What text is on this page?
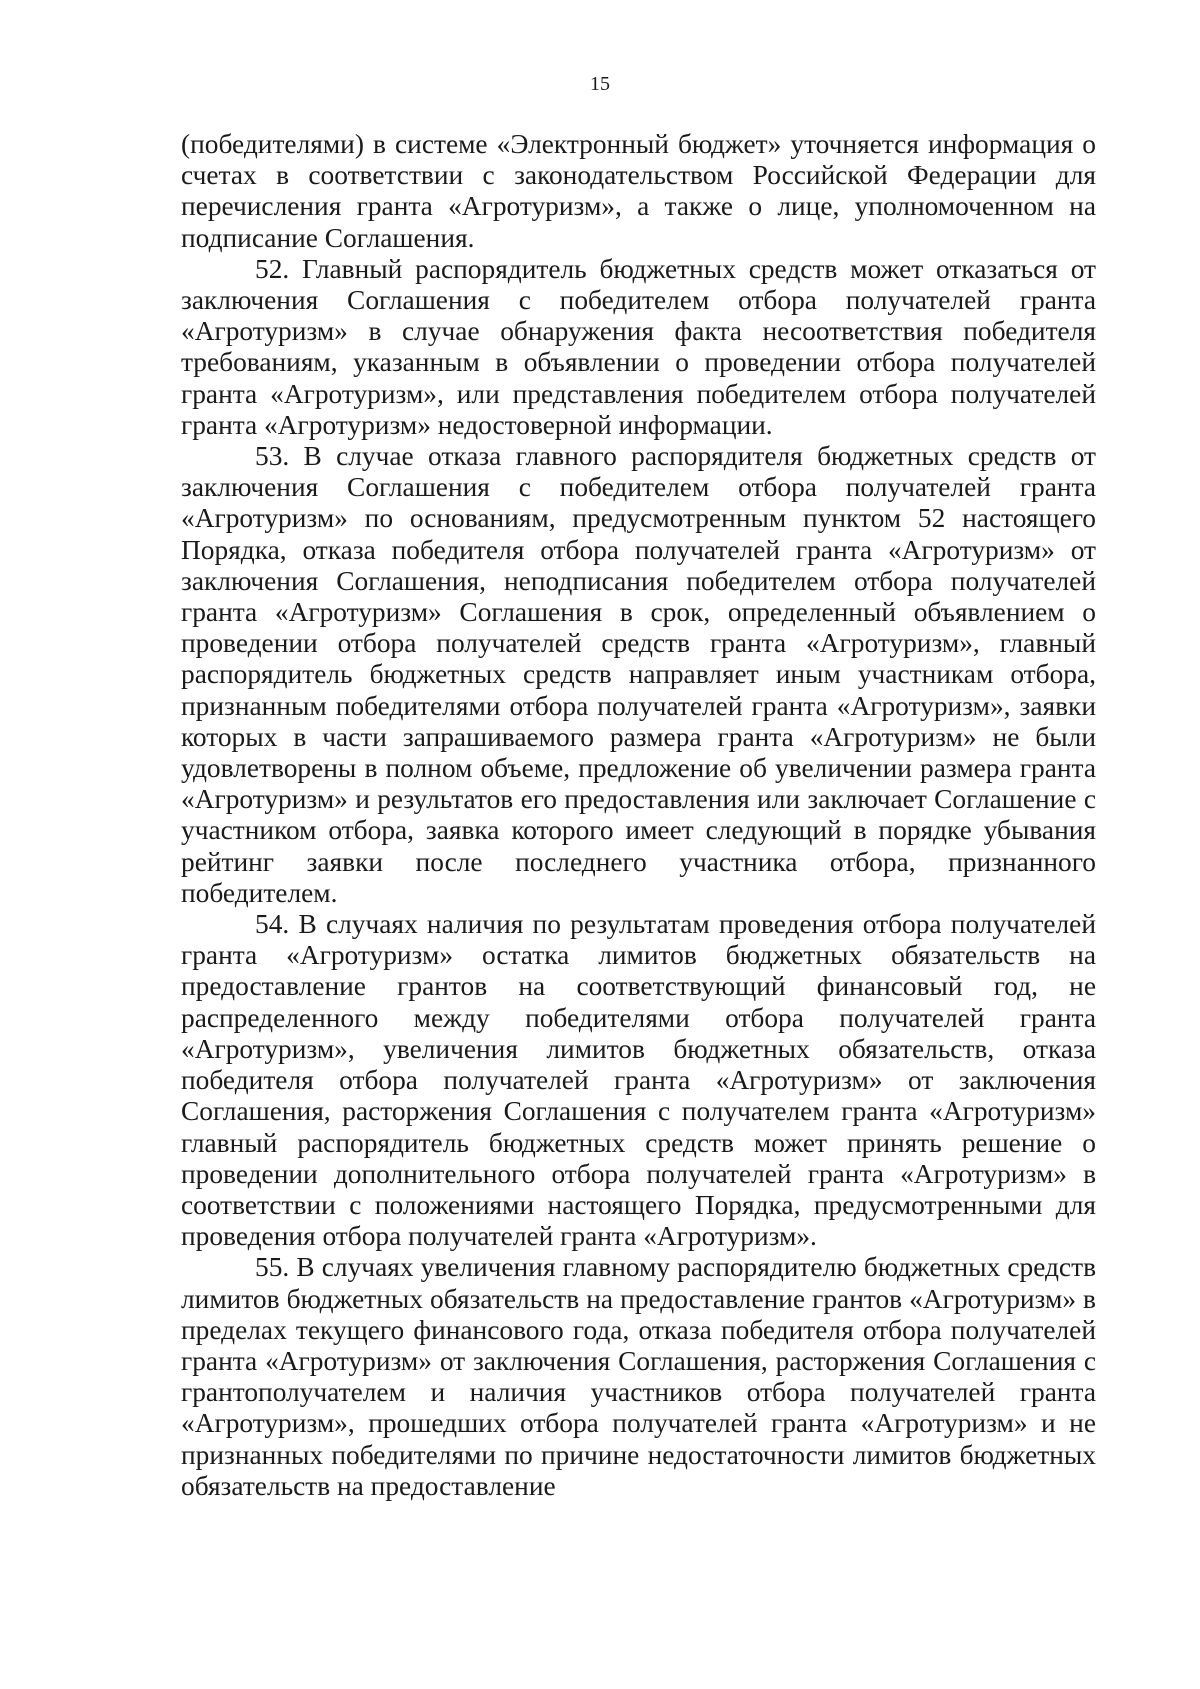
15

(победителями) в системе «Электронный бюджет» уточняется информация о счетах в соответствии с законодательством Российской Федерации для перечисления гранта «Агротуризм», а также о лице, уполномоченном на подписание Соглашения.

52. Главный распорядитель бюджетных средств может отказаться от заключения Соглашения с победителем отбора получателей гранта «Агротуризм» в случае обнаружения факта несоответствия победителя требованиям, указанным в объявлении о проведении отбора получателей гранта «Агротуризм», или представления победителем отбора получателей гранта «Агротуризм» недостоверной информации.

53. В случае отказа главного распорядителя бюджетных средств от заключения Соглашения с победителем отбора получателей гранта «Агротуризм» по основаниям, предусмотренным пунктом 52 настоящего Порядка, отказа победителя отбора получателей гранта «Агротуризм» от заключения Соглашения, неподписания победителем отбора получателей гранта «Агротуризм» Соглашения в срок, определенный объявлением о проведении отбора получателей средств гранта «Агротуризм», главный распорядитель бюджетных средств направляет иным участникам отбора, признанным победителями отбора получателей гранта «Агротуризм», заявки которых в части запрашиваемого размера гранта «Агротуризм» не были удовлетворены в полном объеме, предложение об увеличении размера гранта «Агротуризм» и результатов его предоставления или заключает Соглашение с участником отбора, заявка которого имеет следующий в порядке убывания рейтинг заявки после последнего участника отбора, признанного победителем.

54. В случаях наличия по результатам проведения отбора получателей гранта «Агротуризм» остатка лимитов бюджетных обязательств на предоставление грантов на соответствующий финансовый год, не распределенного между победителями отбора получателей гранта «Агротуризм», увеличения лимитов бюджетных обязательств, отказа победителя отбора получателей гранта «Агротуризм» от заключения Соглашения, расторжения Соглашения с получателем гранта «Агротуризм» главный распорядитель бюджетных средств может принять решение о проведении дополнительного отбора получателей гранта «Агротуризм» в соответствии с положениями настоящего Порядка, предусмотренными для проведения отбора получателей гранта «Агротуризм».

55. В случаях увеличения главному распорядителю бюджетных средств лимитов бюджетных обязательств на предоставление грантов «Агротуризм» в пределах текущего финансового года, отказа победителя отбора получателей гранта «Агротуризм» от заключения Соглашения, расторжения Соглашения с грантополучателем и наличия участников отбора получателей гранта «Агротуризм», прошедших отбора получателей гранта «Агротуризм» и не признанных победителями по причине недостаточности лимитов бюджетных обязательств на предоставление
